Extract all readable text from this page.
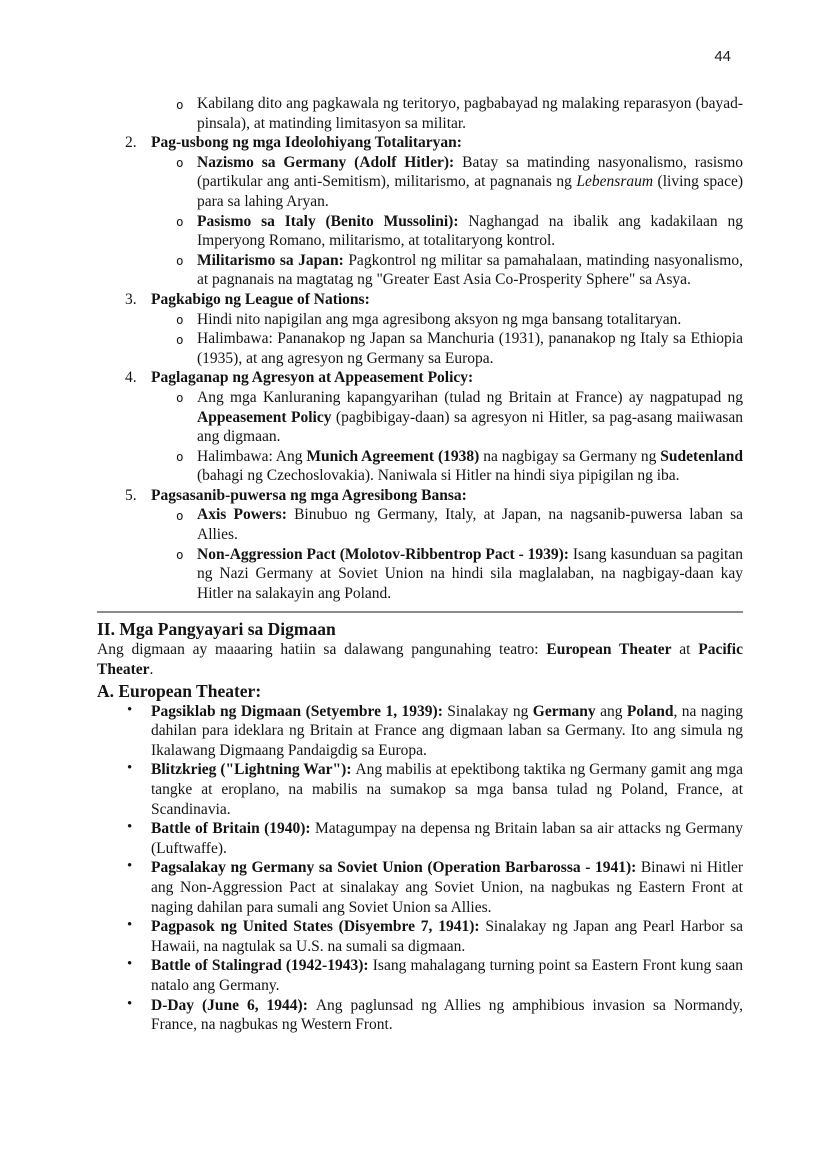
44
o Kabilang dito ang pagkawala ng teritoryo, pagbabayad ng malaking reparasyon (bayad-pinsala), at matinding limitasyon sa militar.
2. Pag-usbong ng mga Ideolohiyang Totalitaryan:
o Nazismo sa Germany (Adolf Hitler): Batay sa matinding nasyonalismo, rasismo (partikular ang anti-Semitism), militarismo, at pagnanais ng Lebensraum (living space) para sa lahing Aryan.
o Pasismo sa Italy (Benito Mussolini): Naghangad na ibalik ang kadakilaan ng Imperyong Romano, militarismo, at totalitaryong kontrol.
o Militarismo sa Japan: Pagkontrol ng militar sa pamahalaan, matinding nasyonalismo, at pagnanais na magtatag ng "Greater East Asia Co-Prosperity Sphere" sa Asya.
3. Pagkabigo ng League of Nations:
o Hindi nito napigilan ang mga agresibong aksyon ng mga bansang totalitaryan.
o Halimbawa: Pananakop ng Japan sa Manchuria (1931), pananakop ng Italy sa Ethiopia (1935), at ang agresyon ng Germany sa Europa.
4. Paglaganap ng Agresyon at Appeasement Policy:
o Ang mga Kanluraning kapangyarihan (tulad ng Britain at France) ay nagpatupad ng Appeasement Policy (pagbibigay-daan) sa agresyon ni Hitler, sa pag-asang maiiwasan ang digmaan.
o Halimbawa: Ang Munich Agreement (1938) na nagbigay sa Germany ng Sudetenland (bahagi ng Czechoslovakia). Naniwala si Hitler na hindi siya pipigilan ng iba.
5. Pagsasanib-puwersa ng mga Agresibong Bansa:
o Axis Powers: Binubuo ng Germany, Italy, at Japan, na nagsanib-puwersa laban sa Allies.
o Non-Aggression Pact (Molotov-Ribbentrop Pact - 1939): Isang kasunduan sa pagitan ng Nazi Germany at Soviet Union na hindi sila maglalaban, na nagbigay-daan kay Hitler na salakayin ang Poland.
II. Mga Pangyayari sa Digmaan
Ang digmaan ay maaaring hatiin sa dalawang pangunahing teatro: European Theater at Pacific Theater.
A. European Theater:
• Pagsiklab ng Digmaan (Setyembre 1, 1939): Sinalakay ng Germany ang Poland, na naging dahilan para ideklara ng Britain at France ang digmaan laban sa Germany. Ito ang simula ng Ikalawang Digmaang Pandaigdig sa Europa.
• Blitzkrieg ("Lightning War"): Ang mabilis at epektibong taktika ng Germany gamit ang mga tangke at eroplano, na mabilis na sumakop sa mga bansa tulad ng Poland, France, at Scandinavia.
• Battle of Britain (1940): Matagumpay na depensa ng Britain laban sa air attacks ng Germany (Luftwaffe).
• Pagsalakay ng Germany sa Soviet Union (Operation Barbarossa - 1941): Binawi ni Hitler ang Non-Aggression Pact at sinalakay ang Soviet Union, na nagbukas ng Eastern Front at naging dahilan para sumali ang Soviet Union sa Allies.
• Pagpasok ng United States (Disyembre 7, 1941): Sinalakay ng Japan ang Pearl Harbor sa Hawaii, na nagtulak sa U.S. na sumali sa digmaan.
• Battle of Stalingrad (1942-1943): Isang mahalagang turning point sa Eastern Front kung saan natalo ang Germany.
• D-Day (June 6, 1944): Ang paglunsad ng Allies ng amphibious invasion sa Normandy, France, na nagbukas ng Western Front.
